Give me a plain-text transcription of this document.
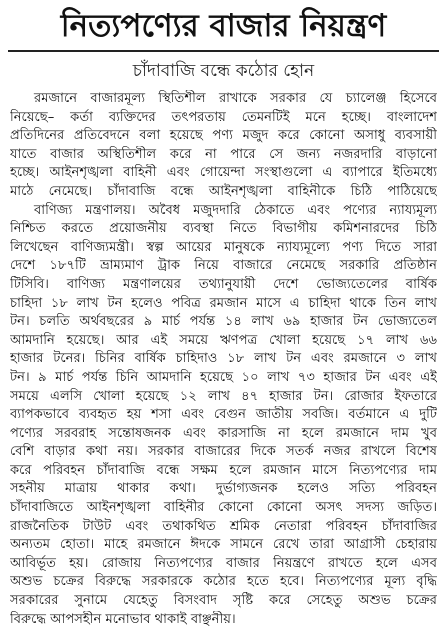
নিত্যপণ্যের বাজার নিয়ন্ত্রণ
চাঁদাবাজি বন্ধে কঠোর হোন
রমজানে বাজারমূল্য স্থিতিশীল রাখাকে সরকার যে চ্যালেঞ্জ হিসেবে
নিয়েছে– কর্তা ব্যক্তিদের তৎপরতায় তেমনটিই মনে হচ্ছে। বাংলাদেশ
প্রতিদিনের প্রতিবেদনে বলা হয়েছে পণ্য মজুদ করে কোনো অসাধু ব্যবসায়ী
যাতে বাজার অস্থিতিশীল করে না পারে সে জন্য নজরদারি বাড়ানো
হচ্ছে। আইনশৃঙ্খলা বাহিনী এবং গোয়েন্দা সংস্থাগুলো এ ব্যাপারে ইতিমধ্যে
মাঠে নেমেছে। চাঁদাবাজি বন্ধে আইনশৃঙ্খলা বাহিনীকে চিঠি পাঠিয়েছে
বাণিজ্য মন্ত্রণালয়। অবৈধ মজুদদারি ঠেকাতে এবং পণ্যের ন্যায্যমূল্য
নিশ্চিত করতে প্রয়োজনীয় ব্যবস্থা নিতে বিভাগীয় কমিশনারদের চিঠি
লিখেছেন বাণিজ্যমন্ত্রী। স্বল্প আয়ের মানুষকে ন্যায্যমূল্যে পণ্য দিতে সারা
দেশে ১৮৭টি ভ্রাম্যমাণ ট্রাক নিয়ে বাজারে নেমেছে সরকারি প্রতিষ্ঠান
টিসিবি। বাণিজ্য মন্ত্রণালয়ের তথ্যানুযায়ী দেশে ভোজ্যতেলের বার্ষিক
চাহিদা ১৮ লাখ টন হলেও পবিত্র রমজান মাসে এ চাহিদা থাকে তিন লাখ
টন। চলতি অর্থবছরের ৯ মার্চ পর্যন্ত ১৪ লাখ ৬৯ হাজার টন ভোজ্যতেল
আমদানি হয়েছে। আর এই সময়ে ঋণপত্র খোলা হয়েছে ১৭ লাখ ৬৬
হাজার টনের। চিনির বার্ষিক চাহিদাও ১৮ লাখ টন এবং রমজানে ৩ লাখ
টন। ৯ মার্চ পর্যন্ত চিনি আমদানি হয়েছে ১০ লাখ ৭৩ হাজার টন এবং এই
সময়ে এলসি খোলা হয়েছে ১২ লাখ ৪৭ হাজার টন। রোজার ইফতারে
ব্যাপকভাবে ব্যবহৃত হয় শসা এবং বেগুন জাতীয় সবজি। বর্তমানে এ দুটি
পণ্যের সরবরাহ সন্তোষজনক এবং কারসাজি না হলে রমজানে দাম খুব
বেশি বাড়ার কথা নয়। সরকার বাজারের দিকে সতর্ক নজর রাখলে বিশেষ
করে পরিবহন চাঁদাবাজি বন্ধে সক্ষম হলে রমজান মাসে নিত্যপণ্যের দাম
সহনীয় মাত্রায় থাকার কথা। দুর্ভাগ্যজনক হলেও সত্যি পরিবহন
চাঁদাবাজিতে আইনশৃঙ্খলা বাহিনীর কোনো কোনো অসৎ সদস্য জড়িত।
রাজনৈতিক টাউট এবং তথাকথিত শ্রমিক নেতারা পরিবহন চাঁদাবাজির
অন্যতম হোতা। মাহে রমজানে ঈদকে সামনে রেখে তারা আগ্রাসী চেহারায়
আবির্ভূত হয়। রোজায় নিত্যপণ্যের বাজার নিয়ন্ত্রণে রাখতে হলে এসব
অশুভ চক্রের বিরুদ্ধে সরকারকে কঠোর হতে হবে। নিত্যপণ্যের মূল্য বৃদ্ধি
সরকারের সুনামে যেহেতু বিসংবাদ সৃষ্টি করে সেহেতু অশুভ চক্রের
বিরুদ্ধে আপসহীন মনোভাব থাকাই বাঞ্ছনীয়।
